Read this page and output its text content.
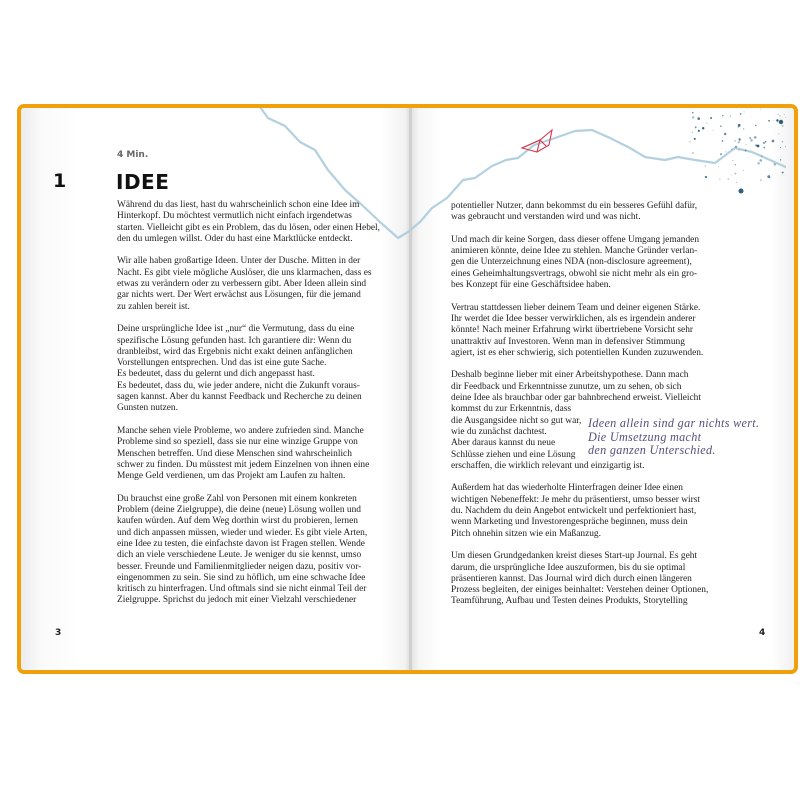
4 Min.
1 IDEE
Während du das liest, hast du wahrscheinlich schon eine Idee im
Hinterkopf. Du möchtest vermutlich nicht einfach irgendetwas
starten. Vielleicht gibt es ein Problem, das du lösen, oder einen Hebel,
den du umlegen willst. Oder du hast eine Marktlücke entdeckt.
Wir alle haben großartige Ideen. Unter der Dusche. Mitten in der
Nacht. Es gibt viele mögliche Auslöser, die uns klarmachen, dass es
etwas zu verändern oder zu verbessern gibt. Aber Ideen allein sind
gar nichts wert. Der Wert erwächst aus Lösungen, für die jemand
zu zahlen bereit ist.
Deine ursprüngliche Idee ist „nur“ die Vermutung, dass du eine
spezifische Lösung gefunden hast. Ich garantiere dir: Wenn du
dranbleibst, wird das Ergebnis nicht exakt deinen anfänglichen
Vorstellungen entsprechen. Und das ist eine gute Sache.
Es bedeutet, dass du gelernt und dich angepasst hast.
Es bedeutet, dass du, wie jeder andere, nicht die Zukunft voraus-
sagen kannst. Aber du kannst Feedback und Recherche zu deinen
Gunsten nutzen.
Manche sehen viele Probleme, wo andere zufrieden sind. Manche
Probleme sind so speziell, dass sie nur eine winzige Gruppe von
Menschen betreffen. Und diese Menschen sind wahrscheinlich
schwer zu finden. Du müsstest mit jedem Einzelnen von ihnen eine
Menge Geld verdienen, um das Projekt am Laufen zu halten.
Du brauchst eine große Zahl von Personen mit einem konkreten
Problem (deine Zielgruppe), die deine (neue) Lösung wollen und
kaufen würden. Auf dem Weg dorthin wirst du probieren, lernen
und dich anpassen müssen, wieder und wieder. Es gibt viele Arten,
eine Idee zu testen, die einfachste davon ist Fragen stellen. Wende
dich an viele verschiedene Leute. Je weniger du sie kennst, umso
besser. Freunde und Familienmitglieder neigen dazu, positiv vor-
eingenommen zu sein. Sie sind zu höflich, um eine schwache Idee
kritisch zu hinterfragen. Und oftmals sind sie nicht einmal Teil der
Zielgruppe. Sprichst du jedoch mit einer Vielzahl verschiedener
potentieller Nutzer, dann bekommst du ein besseres Gefühl dafür,
was gebraucht und verstanden wird und was nicht.
Und mach dir keine Sorgen, dass dieser offene Umgang jemanden
animieren könnte, deine Idee zu stehlen. Manche Gründer verlan-
gen die Unterzeichnung eines NDA (non-disclosure agreement),
eines Geheimhaltungsvertrags, obwohl sie nicht mehr als ein gro-
bes Konzept für eine Geschäftsidee haben.
Vertrau stattdessen lieber deinem Team und deiner eigenen Stärke.
Ihr werdet die Idee besser verwirklichen, als es irgendein anderer
könnte! Nach meiner Erfahrung wirkt übertriebene Vorsicht sehr
unattraktiv auf Investoren. Wenn man in defensiver Stimmung
agiert, ist es eher schwierig, sich potentiellen Kunden zuzuwenden.
Deshalb beginne lieber mit einer Arbeitshypothese. Dann mach
dir Feedback und Erkenntnisse zunutze, um zu sehen, ob sich
deine Idee als brauchbar oder gar bahnbrechend erweist. Vielleicht
kommst du zur Erkenntnis, dass
die Ausgangsidee nicht so gut war,
wie du zunächst dachtest.
Aber daraus kannst du neue
Schlüsse ziehen und eine Lösung
erschaffen, die wirklich relevant und einzigartig ist.
Außerdem hat das wiederholte Hinterfragen deiner Idee einen
wichtigen Nebeneffekt: Je mehr du präsentierst, umso besser wirst
du. Nachdem du dein Angebot entwickelt und perfektioniert hast,
wenn Marketing und Investorengespräche beginnen, muss dein
Pitch ohnehin sitzen wie ein Maßanzug.
Um diesen Grundgedanken kreist dieses Start-up Journal. Es geht
darum, die ursprüngliche Idee auszuformen, bis du sie optimal
präsentieren kannst. Das Journal wird dich durch einen längeren
Prozess begleiten, der einiges beinhaltet: Verstehen deiner Optionen,
Teamführung, Aufbau und Testen deines Produkts, Storytelling
Ideen allein sind gar nichts wert.
Die Umsetzung macht
den ganzen Unterschied.
3	4
